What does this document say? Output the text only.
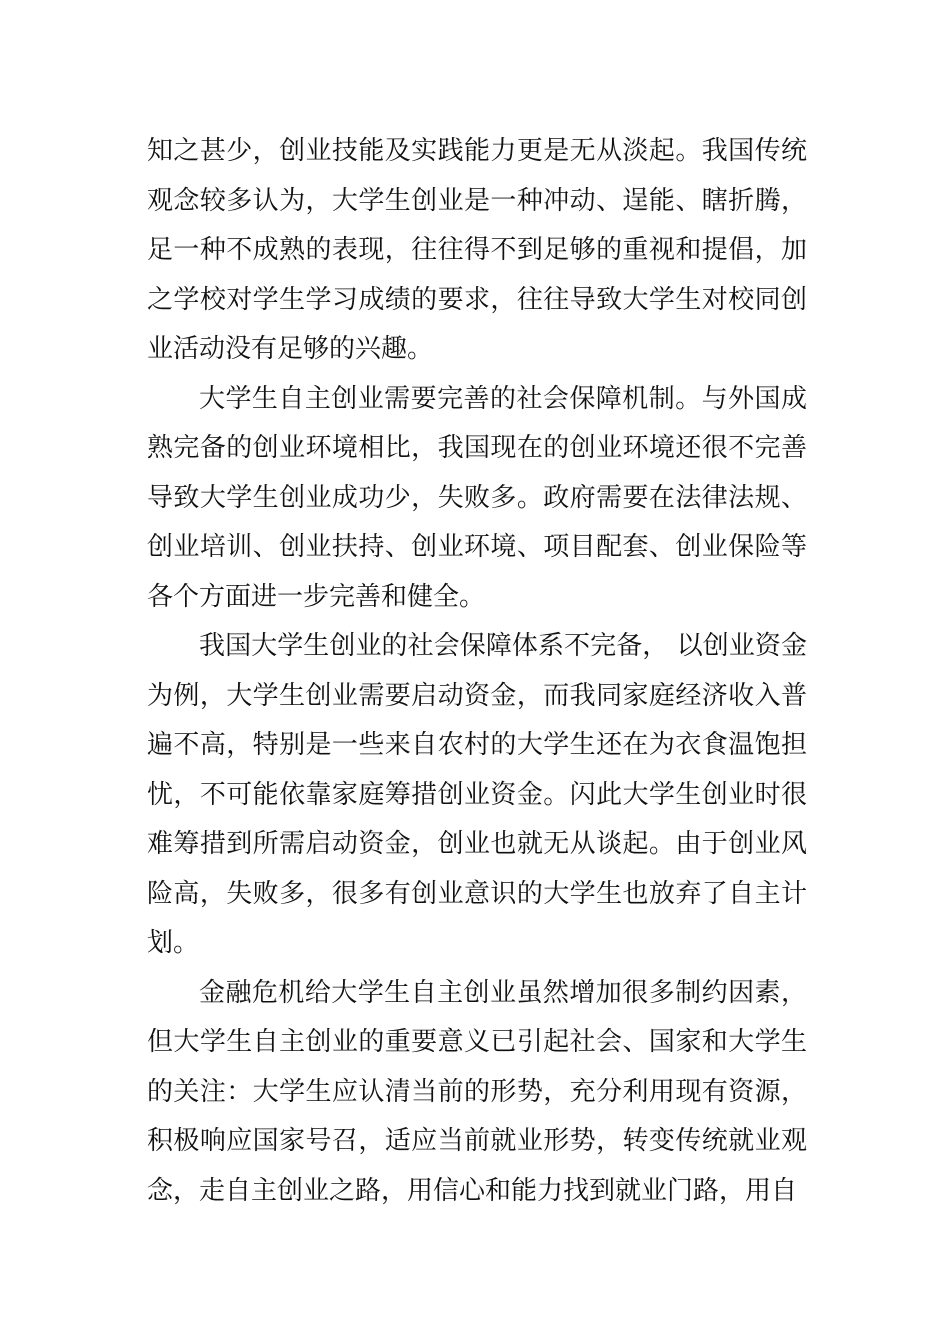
知之甚少，创业技能及实践能力更是无从淡起。我国传统观念较多认为，大学生创业是一种冲动、逞能、瞎折腾，足一种不成熟的表现，往往得不到足够的重视和提倡，加之学校对学生学习成绩的要求，往往导致大学生对校同创业活动没有足够的兴趣。

大学生自主创业需要完善的社会保障机制。与外国成熟完备的创业环境相比，我国现在的创业环境还很不完善导致大学生创业成功少，失败多。政府需要在法律法规、创业培训、创业扶持、创业环境、项目配套、创业保险等各个方面进一步完善和健全。

我国大学生创业的社会保障体系不完备， 以创业资金为例，大学生创业需要启动资金，而我同家庭经济收入普遍不高，特别是一些来自农村的大学生还在为衣食温饱担忧，不可能依靠家庭筹措创业资金。闪此大学生创业时很难筹措到所需启动资金，创业也就无从谈起。由于创业风险高，失败多，很多有创业意识的大学生也放弃了自主计划。

金融危机给大学生自主创业虽然增加很多制约因素，但大学生自主创业的重要意义已引起社会、国家和大学生的关注：大学生应认清当前的形势，充分利用现有资源，积极响应国家号召，适应当前就业形势，转变传统就业观念，走自主创业之路，用信心和能力找到就业门路，用自
